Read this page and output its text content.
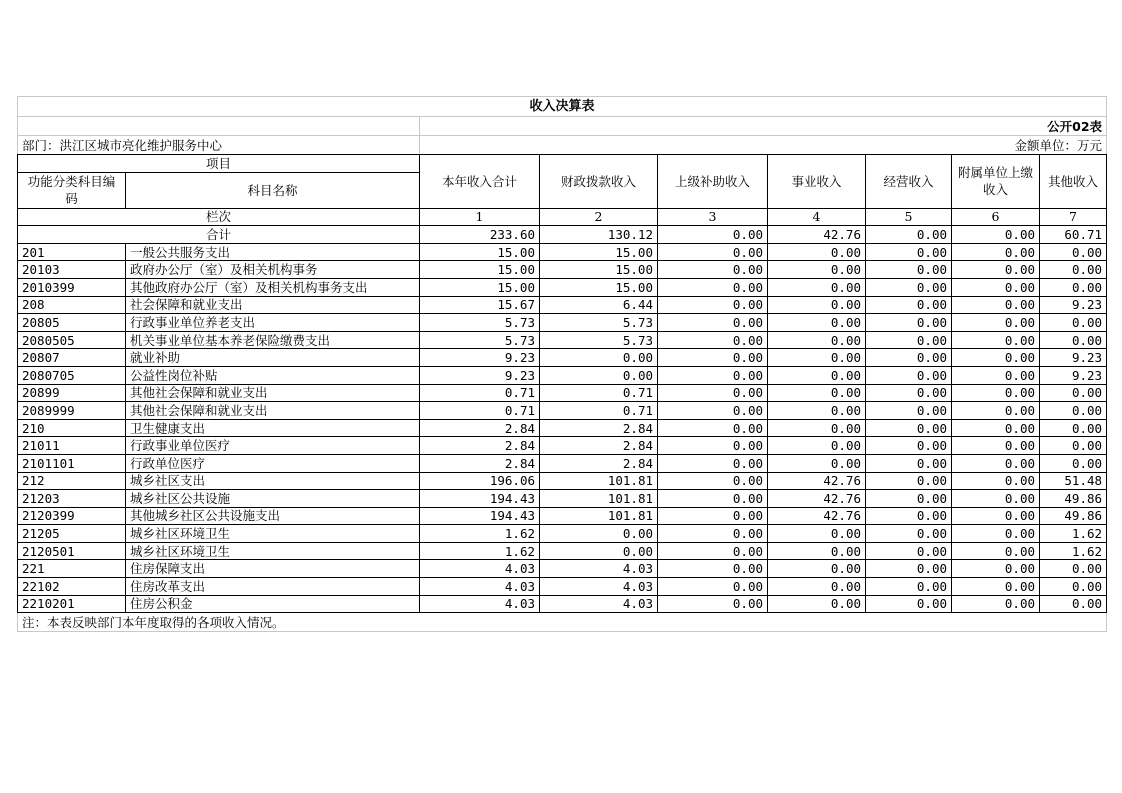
收入决算表								
		公开02表						
部门：洪江区城市亮化维护服务中心		金额单位：万元						
项目		本年收入合计	财政拨款收入	上级补助收入	事业收入	经营收入	附属单位上缴收入	其他收入
功能分类科目编码	科目名称							
栏次		1	2	3	4	5	6	7
合计		233.60	130.12	0.00	42.76	0.00	0.00	60.71
201	一般公共服务支出	15.00	15.00	0.00	0.00	0.00	0.00	0.00
20103	政府办公厅（室）及相关机构事务	15.00	15.00	0.00	0.00	0.00	0.00	0.00
2010399	其他政府办公厅（室）及相关机构事务支出	15.00	15.00	0.00	0.00	0.00	0.00	0.00
208	社会保障和就业支出	15.67	6.44	0.00	0.00	0.00	0.00	9.23
20805	行政事业单位养老支出	5.73	5.73	0.00	0.00	0.00	0.00	0.00
2080505	机关事业单位基本养老保险缴费支出	5.73	5.73	0.00	0.00	0.00	0.00	0.00
20807	就业补助	9.23	0.00	0.00	0.00	0.00	0.00	9.23
2080705	公益性岗位补贴	9.23	0.00	0.00	0.00	0.00	0.00	9.23
20899	其他社会保障和就业支出	0.71	0.71	0.00	0.00	0.00	0.00	0.00
2089999	其他社会保障和就业支出	0.71	0.71	0.00	0.00	0.00	0.00	0.00
210	卫生健康支出	2.84	2.84	0.00	0.00	0.00	0.00	0.00
21011	行政事业单位医疗	2.84	2.84	0.00	0.00	0.00	0.00	0.00
2101101	行政单位医疗	2.84	2.84	0.00	0.00	0.00	0.00	0.00
212	城乡社区支出	196.06	101.81	0.00	42.76	0.00	0.00	51.48
21203	城乡社区公共设施	194.43	101.81	0.00	42.76	0.00	0.00	49.86
2120399	其他城乡社区公共设施支出	194.43	101.81	0.00	42.76	0.00	0.00	49.86
21205	城乡社区环境卫生	1.62	0.00	0.00	0.00	0.00	0.00	1.62
2120501	城乡社区环境卫生	1.62	0.00	0.00	0.00	0.00	0.00	1.62
221	住房保障支出	4.03	4.03	0.00	0.00	0.00	0.00	0.00
22102	住房改革支出	4.03	4.03	0.00	0.00	0.00	0.00	0.00
2210201	住房公积金	4.03	4.03	0.00	0.00	0.00	0.00	0.00
注：本表反映部门本年度取得的各项收入情况。								
